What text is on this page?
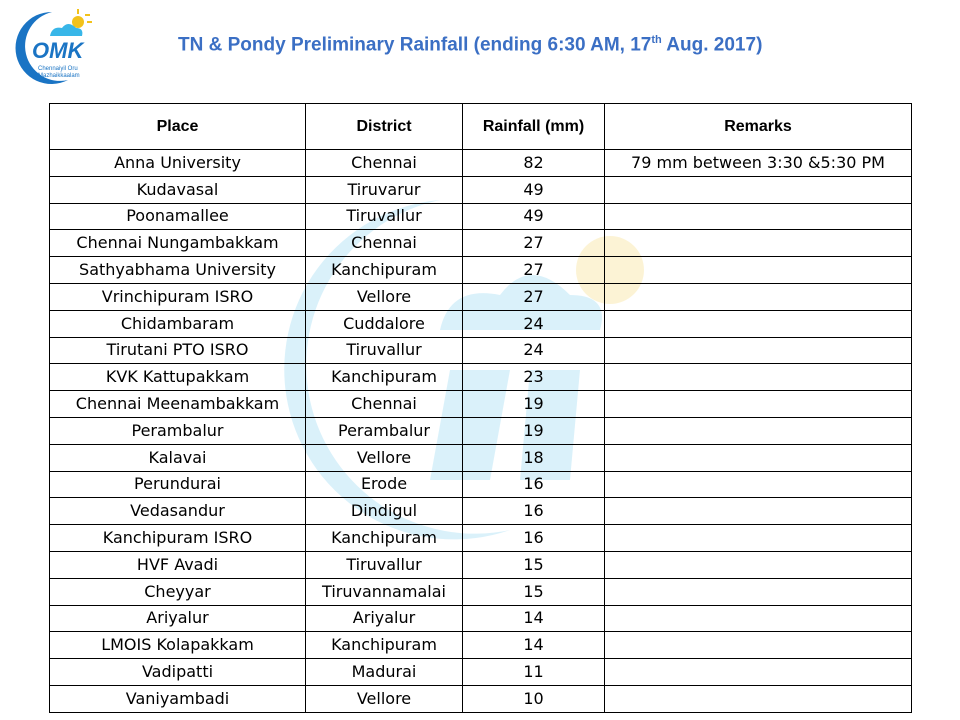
OMK
Chennaiyil Oru
Mazhaikkaalam
TN & Pondy Preliminary Rainfall (ending 6:30 AM, 17th Aug. 2017)
Place	District	Rainfall (mm)	Remarks
Anna University	Chennai	82	79 mm between 3:30 &5:30 PM
Kudavasal	Tiruvarur	49	
Poonamallee	Tiruvallur	49	
Chennai Nungambakkam	Chennai	27	
Sathyabhama University	Kanchipuram	27	
Vrinchipuram ISRO	Vellore	27	
Chidambaram	Cuddalore	24	
Tirutani PTO ISRO	Tiruvallur	24	
KVK Kattupakkam	Kanchipuram	23	
Chennai Meenambakkam	Chennai	19	
Perambalur	Perambalur	19	
Kalavai	Vellore	18	
Perundurai	Erode	16	
Vedasandur	Dindigul	16	
Kanchipuram ISRO	Kanchipuram	16	
HVF Avadi	Tiruvallur	15	
Cheyyar	Tiruvannamalai	15	
Ariyalur	Ariyalur	14	
LMOIS Kolapakkam	Kanchipuram	14	
Vadipatti	Madurai	11	
Vaniyambadi	Vellore	10	
